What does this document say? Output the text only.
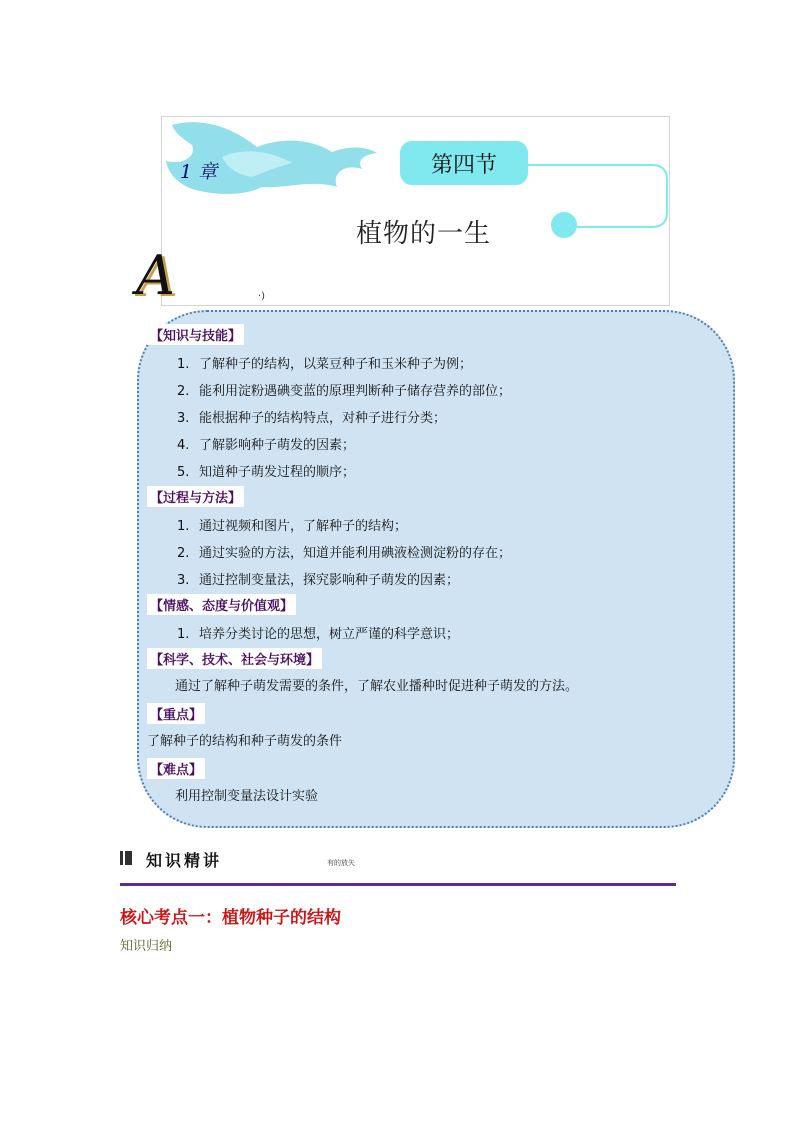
·)
1 章	第四节
植物的一生
A
【知识与技能】
1. 了解种子的结构，以菜豆种子和玉米种子为例；
2. 能利用淀粉遇碘变蓝的原理判断种子储存营养的部位；
3. 能根据种子的结构特点，对种子进行分类；
4. 了解影响种子萌发的因素；
5. 知道种子萌发过程的顺序；
【过程与方法】
1. 通过视频和图片，了解种子的结构；
2. 通过实验的方法，知道并能利用碘液检测淀粉的存在；
3. 通过控制变量法，探究影响种子萌发的因素；
【情感、态度与价值观】
1. 培养分类讨论的思想，树立严谨的科学意识；
【科学、技术、社会与环境】
通过了解种子萌发需要的条件，了解农业播种时促进种子萌发的方法。
【重点】
了解种子的结构和种子萌发的条件
【难点】
利用控制变量法设计实验
知识精讲	有的放矢
核心考点一：植物种子的结构
知识归纳
